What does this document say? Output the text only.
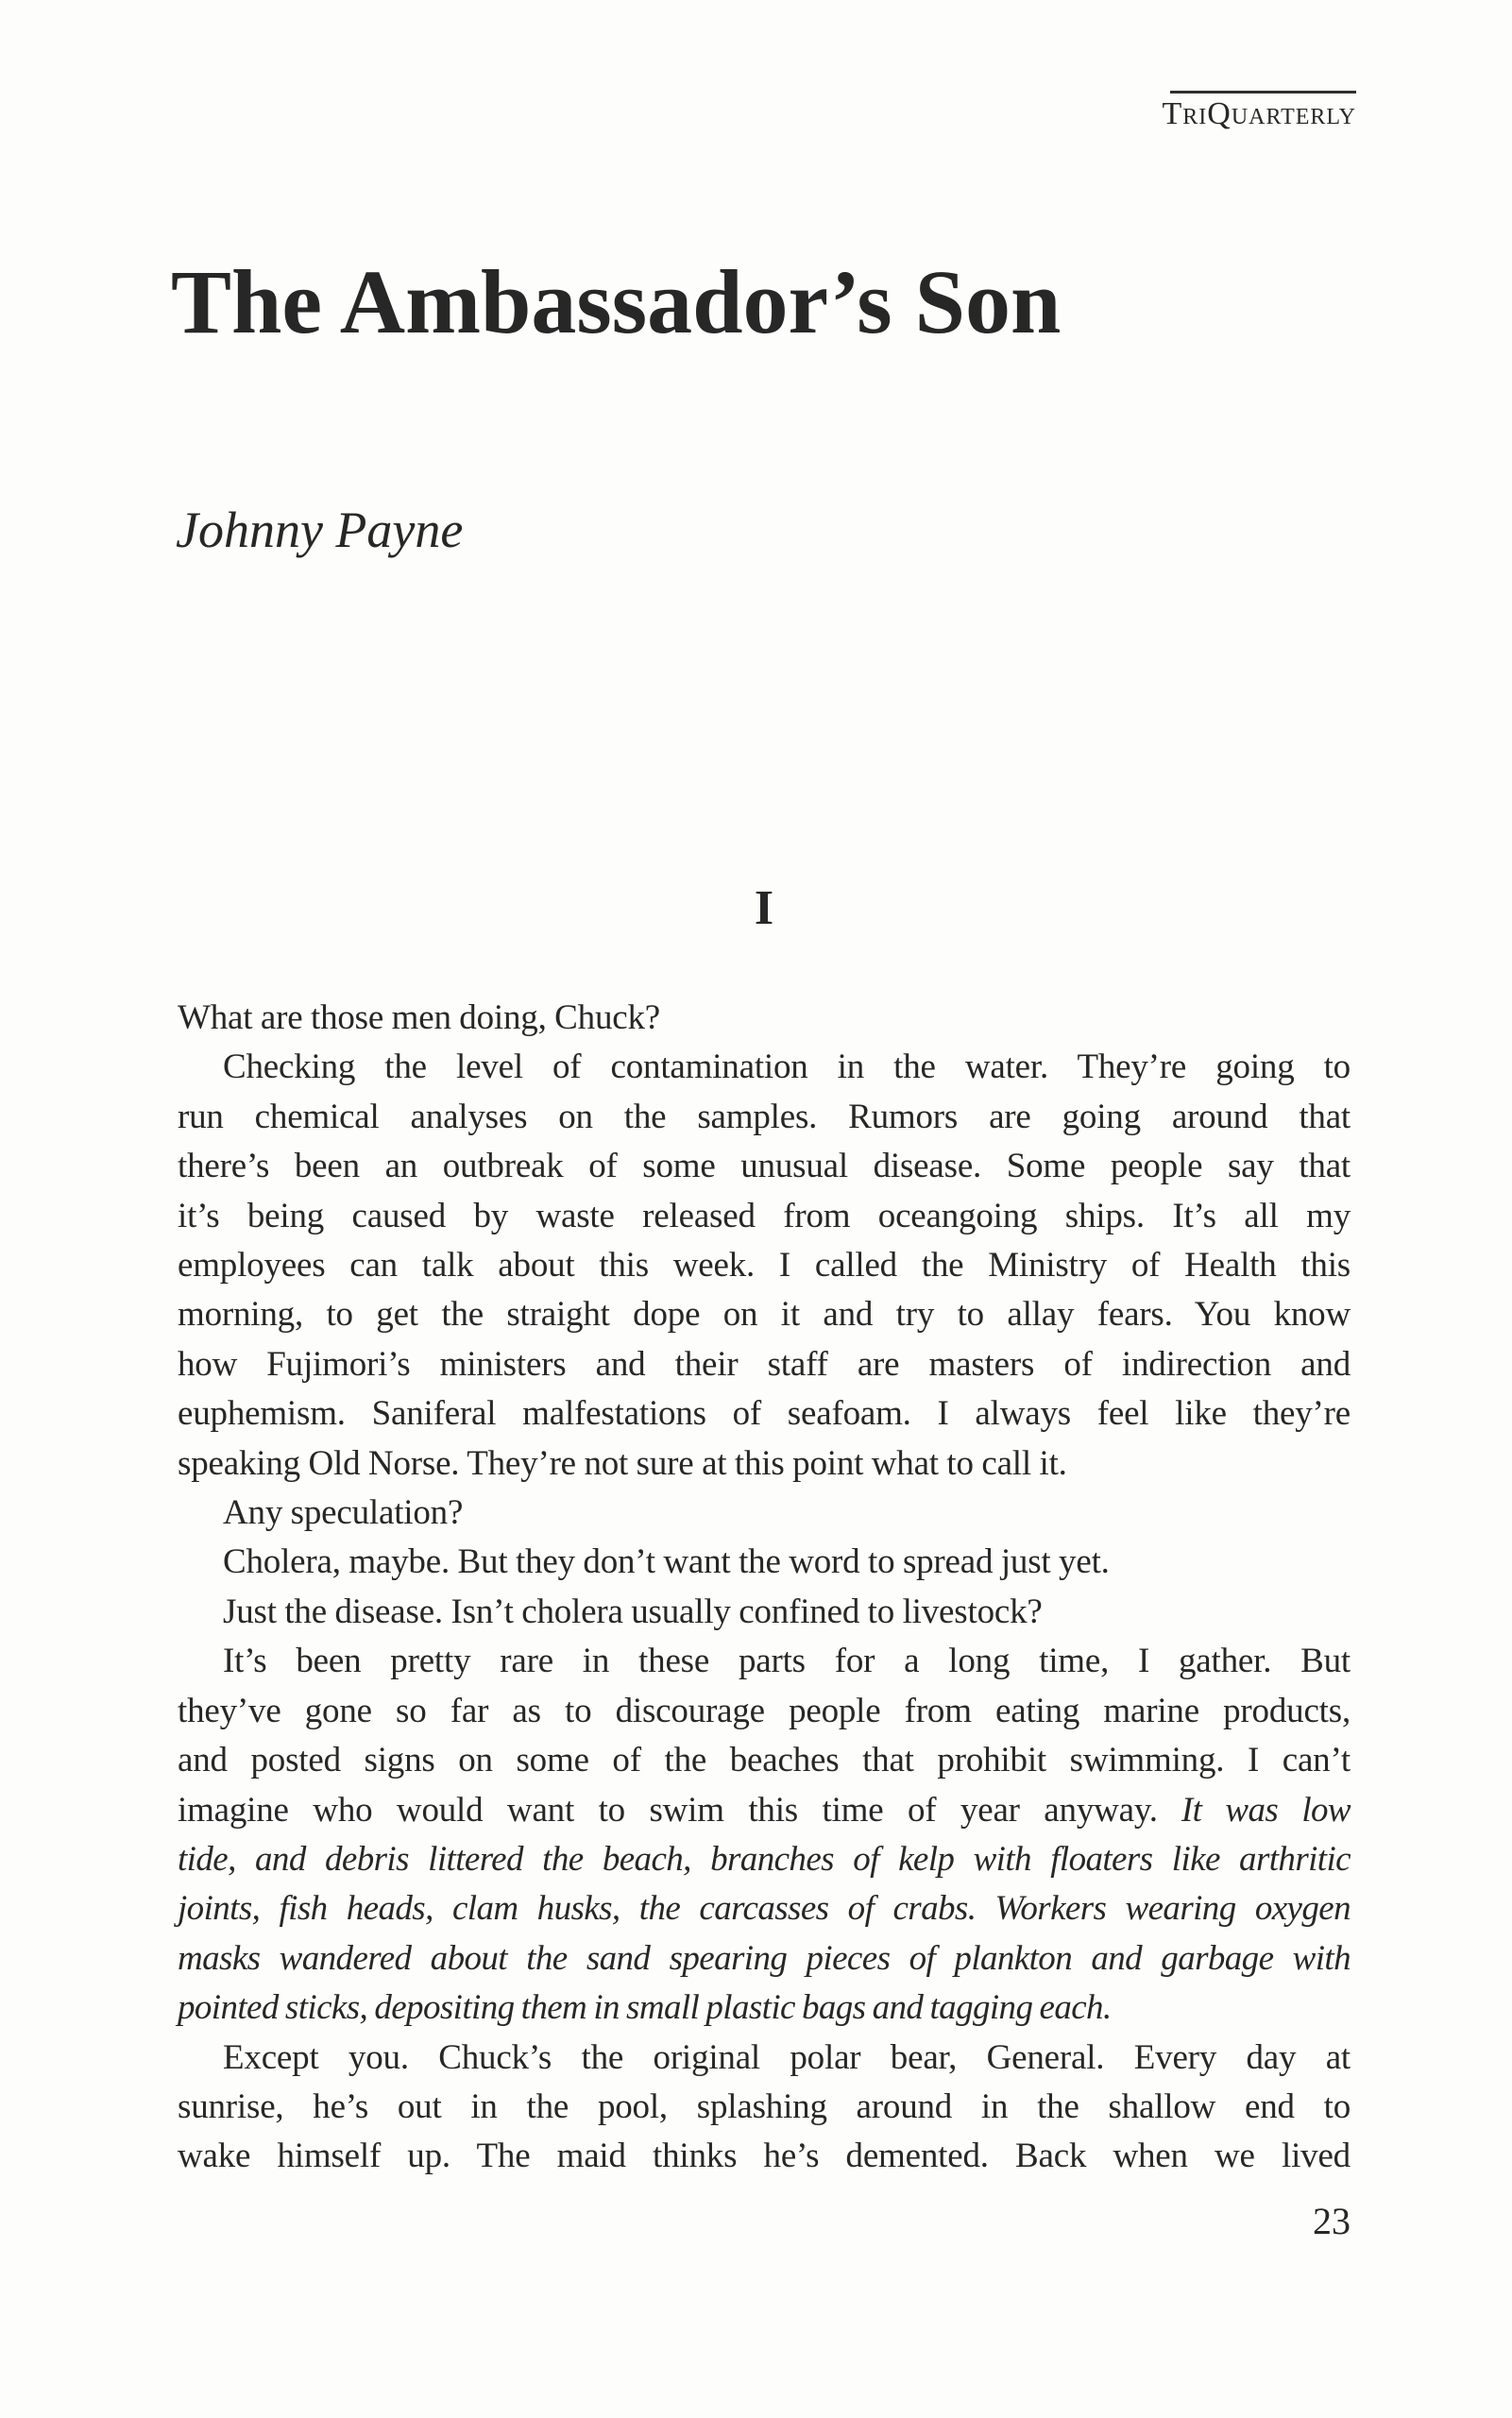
TriQuarterly
The Ambassador’s Son
Johnny Payne
I
What are those men doing, Chuck?
Checking the level of contamination in the water. They’re going to
run chemical analyses on the samples. Rumors are going around that
there’s been an outbreak of some unusual disease. Some people say that
it’s being caused by waste released from oceangoing ships. It’s all my
employees can talk about this week. I called the Ministry of Health this
morning, to get the straight dope on it and try to allay fears. You know
how Fujimori’s ministers and their staff are masters of indirection and
euphemism. Saniferal malfestations of seafoam. I always feel like they’re
speaking Old Norse. They’re not sure at this point what to call it.
Any speculation?
Cholera, maybe. But they don’t want the word to spread just yet.
Just the disease. Isn’t cholera usually confined to livestock?
It’s been pretty rare in these parts for a long time, I gather. But
they’ve gone so far as to discourage people from eating marine products,
and posted signs on some of the beaches that prohibit swimming. I can’t
imagine who would want to swim this time of year anyway. It was low
tide, and debris littered the beach, branches of kelp with floaters like arthritic
joints, fish heads, clam husks, the carcasses of crabs. Workers wearing oxygen
masks wandered about the sand spearing pieces of plankton and garbage with
pointed sticks, depositing them in small plastic bags and tagging each.
Except you. Chuck’s the original polar bear, General. Every day at
sunrise, he’s out in the pool, splashing around in the shallow end to
wake himself up. The maid thinks he’s demented. Back when we lived
23
